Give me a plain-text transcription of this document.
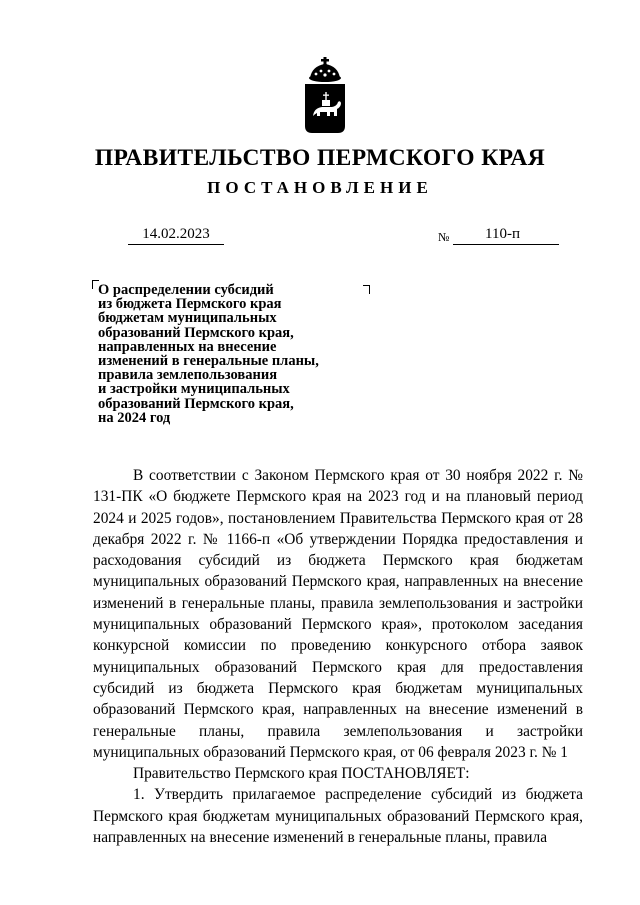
ПРАВИТЕЛЬСТВО ПЕРМСКОГО КРАЯ
ПОСТАНОВЛЕНИЕ
14.02.2023	№	110-п
О распределении субсидий
из бюджета Пермского края
бюджетам муниципальных
образований Пермского края,
направленных на внесение
изменений в генеральные планы,
правила землепользования
и застройки муниципальных
образований Пермского края,
на 2024 год

В соответствии с Законом Пермского края от 30 ноября 2022 г. № 131-ПК «О бюджете Пермского края на 2023 год и на плановый период 2024 и 2025 годов», постановлением Правительства Пермского края от 28 декабря 2022 г. № 1166-п «Об утверждении Порядка предоставления и расходования субсидий из бюджета Пермского края бюджетам муниципальных образований Пермского края, направленных на внесение изменений в генеральные планы, правила землепользования и застройки муниципальных образований Пермского края», протоколом заседания конкурсной комиссии по проведению конкурсного отбора заявок муниципальных образований Пермского края для предоставления субсидий из бюджета Пермского края бюджетам муниципальных образований Пермского края, направленных на внесение изменений в генеральные планы, правила землепользования и застройки муниципальных образований Пермского края, от 06 февраля 2023 г. № 1

Правительство Пермского края ПОСТАНОВЛЯЕТ:

1. Утвердить прилагаемое распределение субсидий из бюджета Пермского края бюджетам муниципальных образований Пермского края, направленных на внесение изменений в генеральные планы, правила
